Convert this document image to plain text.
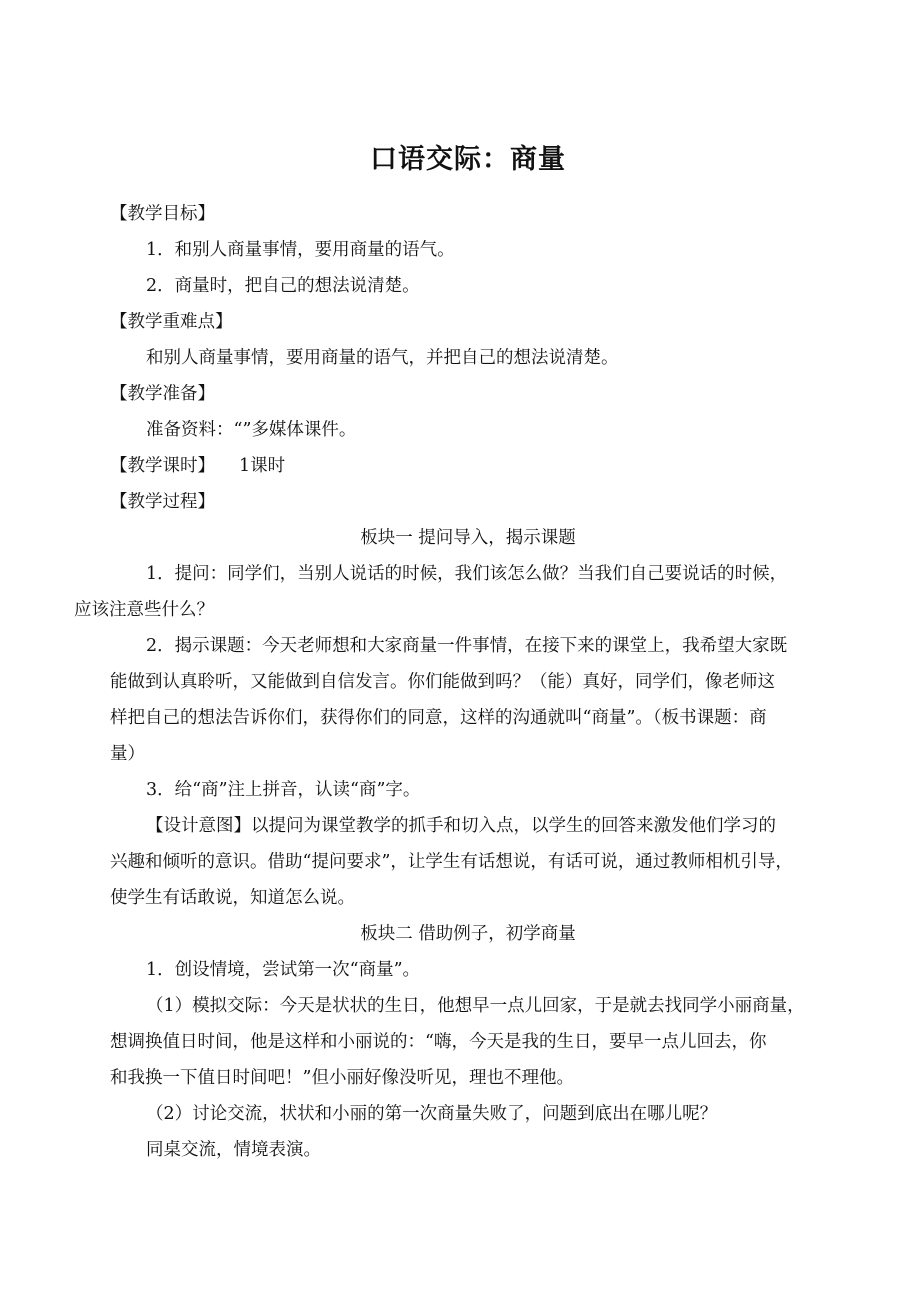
口语交际：商量

【教学目标】

1．和别人商量事情，要用商量的语气。

2．商量时，把自己的想法说清楚。

【教学重难点】

和别人商量事情，要用商量的语气，并把自己的想法说清楚。

【教学准备】

准备资料：“”多媒体课件。

【教学课时】 1课时

【教学过程】

板块一 提问导入，揭示课题

1．提问：同学们，当别人说话的时候，我们该怎么做？当我们自己要说话的时候，
应该注意些什么？

2．揭示课题：今天老师想和大家商量一件事情，在接下来的课堂上，我希望大家既
能做到认真聆听，又能做到自信发言。你们能做到吗？（能）真好，同学们，像老师这
样把自己的想法告诉你们，获得你们的同意，这样的沟通就叫“商量”。（板书课题：商
量）

3．给“商”注上拼音，认读“商”字。

【设计意图】以提问为课堂教学的抓手和切入点，以学生的回答来激发他们学习的
兴趣和倾听的意识。借助“提问要求”，让学生有话想说，有话可说，通过教师相机引导，
使学生有话敢说，知道怎么说。

板块二 借助例子，初学商量

1．创设情境，尝试第一次“商量”。

（1）模拟交际：今天是状状的生日，他想早一点儿回家，于是就去找同学小丽商量，
想调换值日时间，他是这样和小丽说的：“嗨，今天是我的生日，要早一点儿回去，你
和我换一下值日时间吧！”但小丽好像没听见，理也不理他。

（2）讨论交流，状状和小丽的第一次商量失败了，问题到底出在哪儿呢？

同桌交流，情境表演。
